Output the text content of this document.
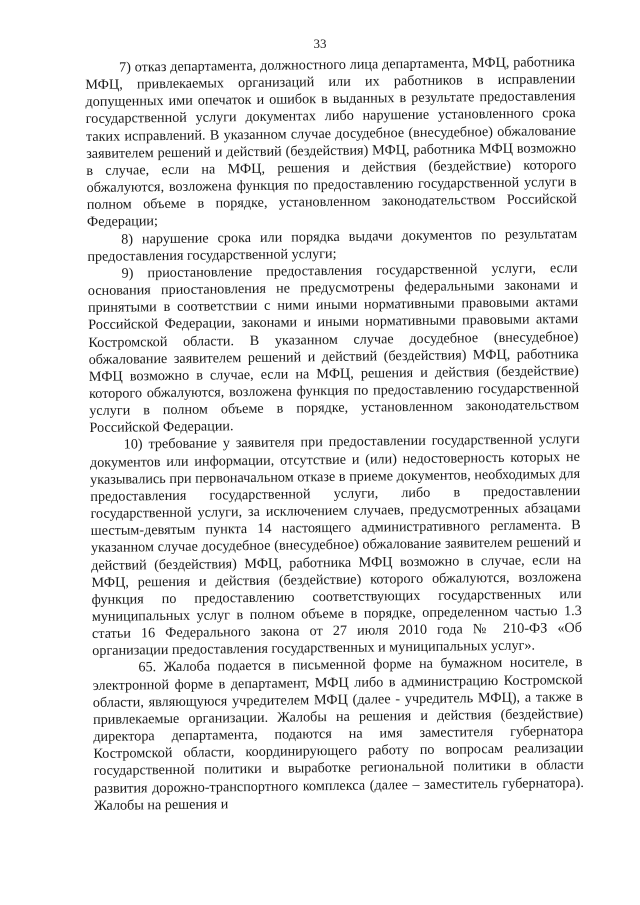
33

7) отказ департамента, должностного лица департамента, МФЦ, работника МФЦ, привлекаемых организаций или их работников в исправлении допущенных ими опечаток и ошибок в выданных в результате предоставления государственной услуги документах либо нарушение установленного срока таких исправлений. В указанном случае досудебное (внесудебное) обжалование заявителем решений и действий (бездействия) МФЦ, работника МФЦ возможно в случае, если на МФЦ, решения и действия (бездействие) которого обжалуются, возложена функция по предоставлению государственной услуги в полном объеме в порядке, установленном законодательством Российской Федерации;

8) нарушение срока или порядка выдачи документов по результатам предоставления государственной услуги;

9) приостановление предоставления государственной услуги, если основания приостановления не предусмотрены федеральными законами и принятыми в соответствии с ними иными нормативными правовыми актами Российской Федерации, законами и иными нормативными правовыми актами Костромской области. В указанном случае досудебное (внесудебное) обжалование заявителем решений и действий (бездействия) МФЦ, работника МФЦ возможно в случае, если на МФЦ, решения и действия (бездействие) которого обжалуются, возложена функция по предоставлению государственной услуги в полном объеме в порядке, установленном законодательством Российской Федерации.

10) требование у заявителя при предоставлении государственной услуги документов или информации, отсутствие и (или) недостоверность которых не указывались при первоначальном отказе в приеме документов, необходимых для предоставления государственной услуги, либо в предоставлении государственной услуги, за исключением случаев, предусмотренных абзацами шестым-девятым пункта 14 настоящего административного регламента. В указанном случае досудебное (внесудебное) обжалование заявителем решений и действий (бездействия) МФЦ, работника МФЦ возможно в случае, если на МФЦ, решения и действия (бездействие) которого обжалуются, возложена функция по предоставлению соответствующих государственных или муниципальных услуг в полном объеме в порядке, определенном частью 1.3 статьи 16 Федерального закона от 27 июля 2010 года № 210-ФЗ «Об организации предоставления государственных и муниципальных услуг».

65. Жалоба подается в письменной форме на бумажном носителе, в электронной форме в департамент, МФЦ либо в администрацию Костромской области, являющуюся учредителем МФЦ (далее - учредитель МФЦ), а также в привлекаемые организации. Жалобы на решения и действия (бездействие) директора департамента, подаются на имя заместителя губернатора Костромской области, координирующего работу по вопросам реализации государственной политики и выработке региональной политики в области развития дорожно-транспортного комплекса (далее – заместитель губернатора). Жалобы на решения и
